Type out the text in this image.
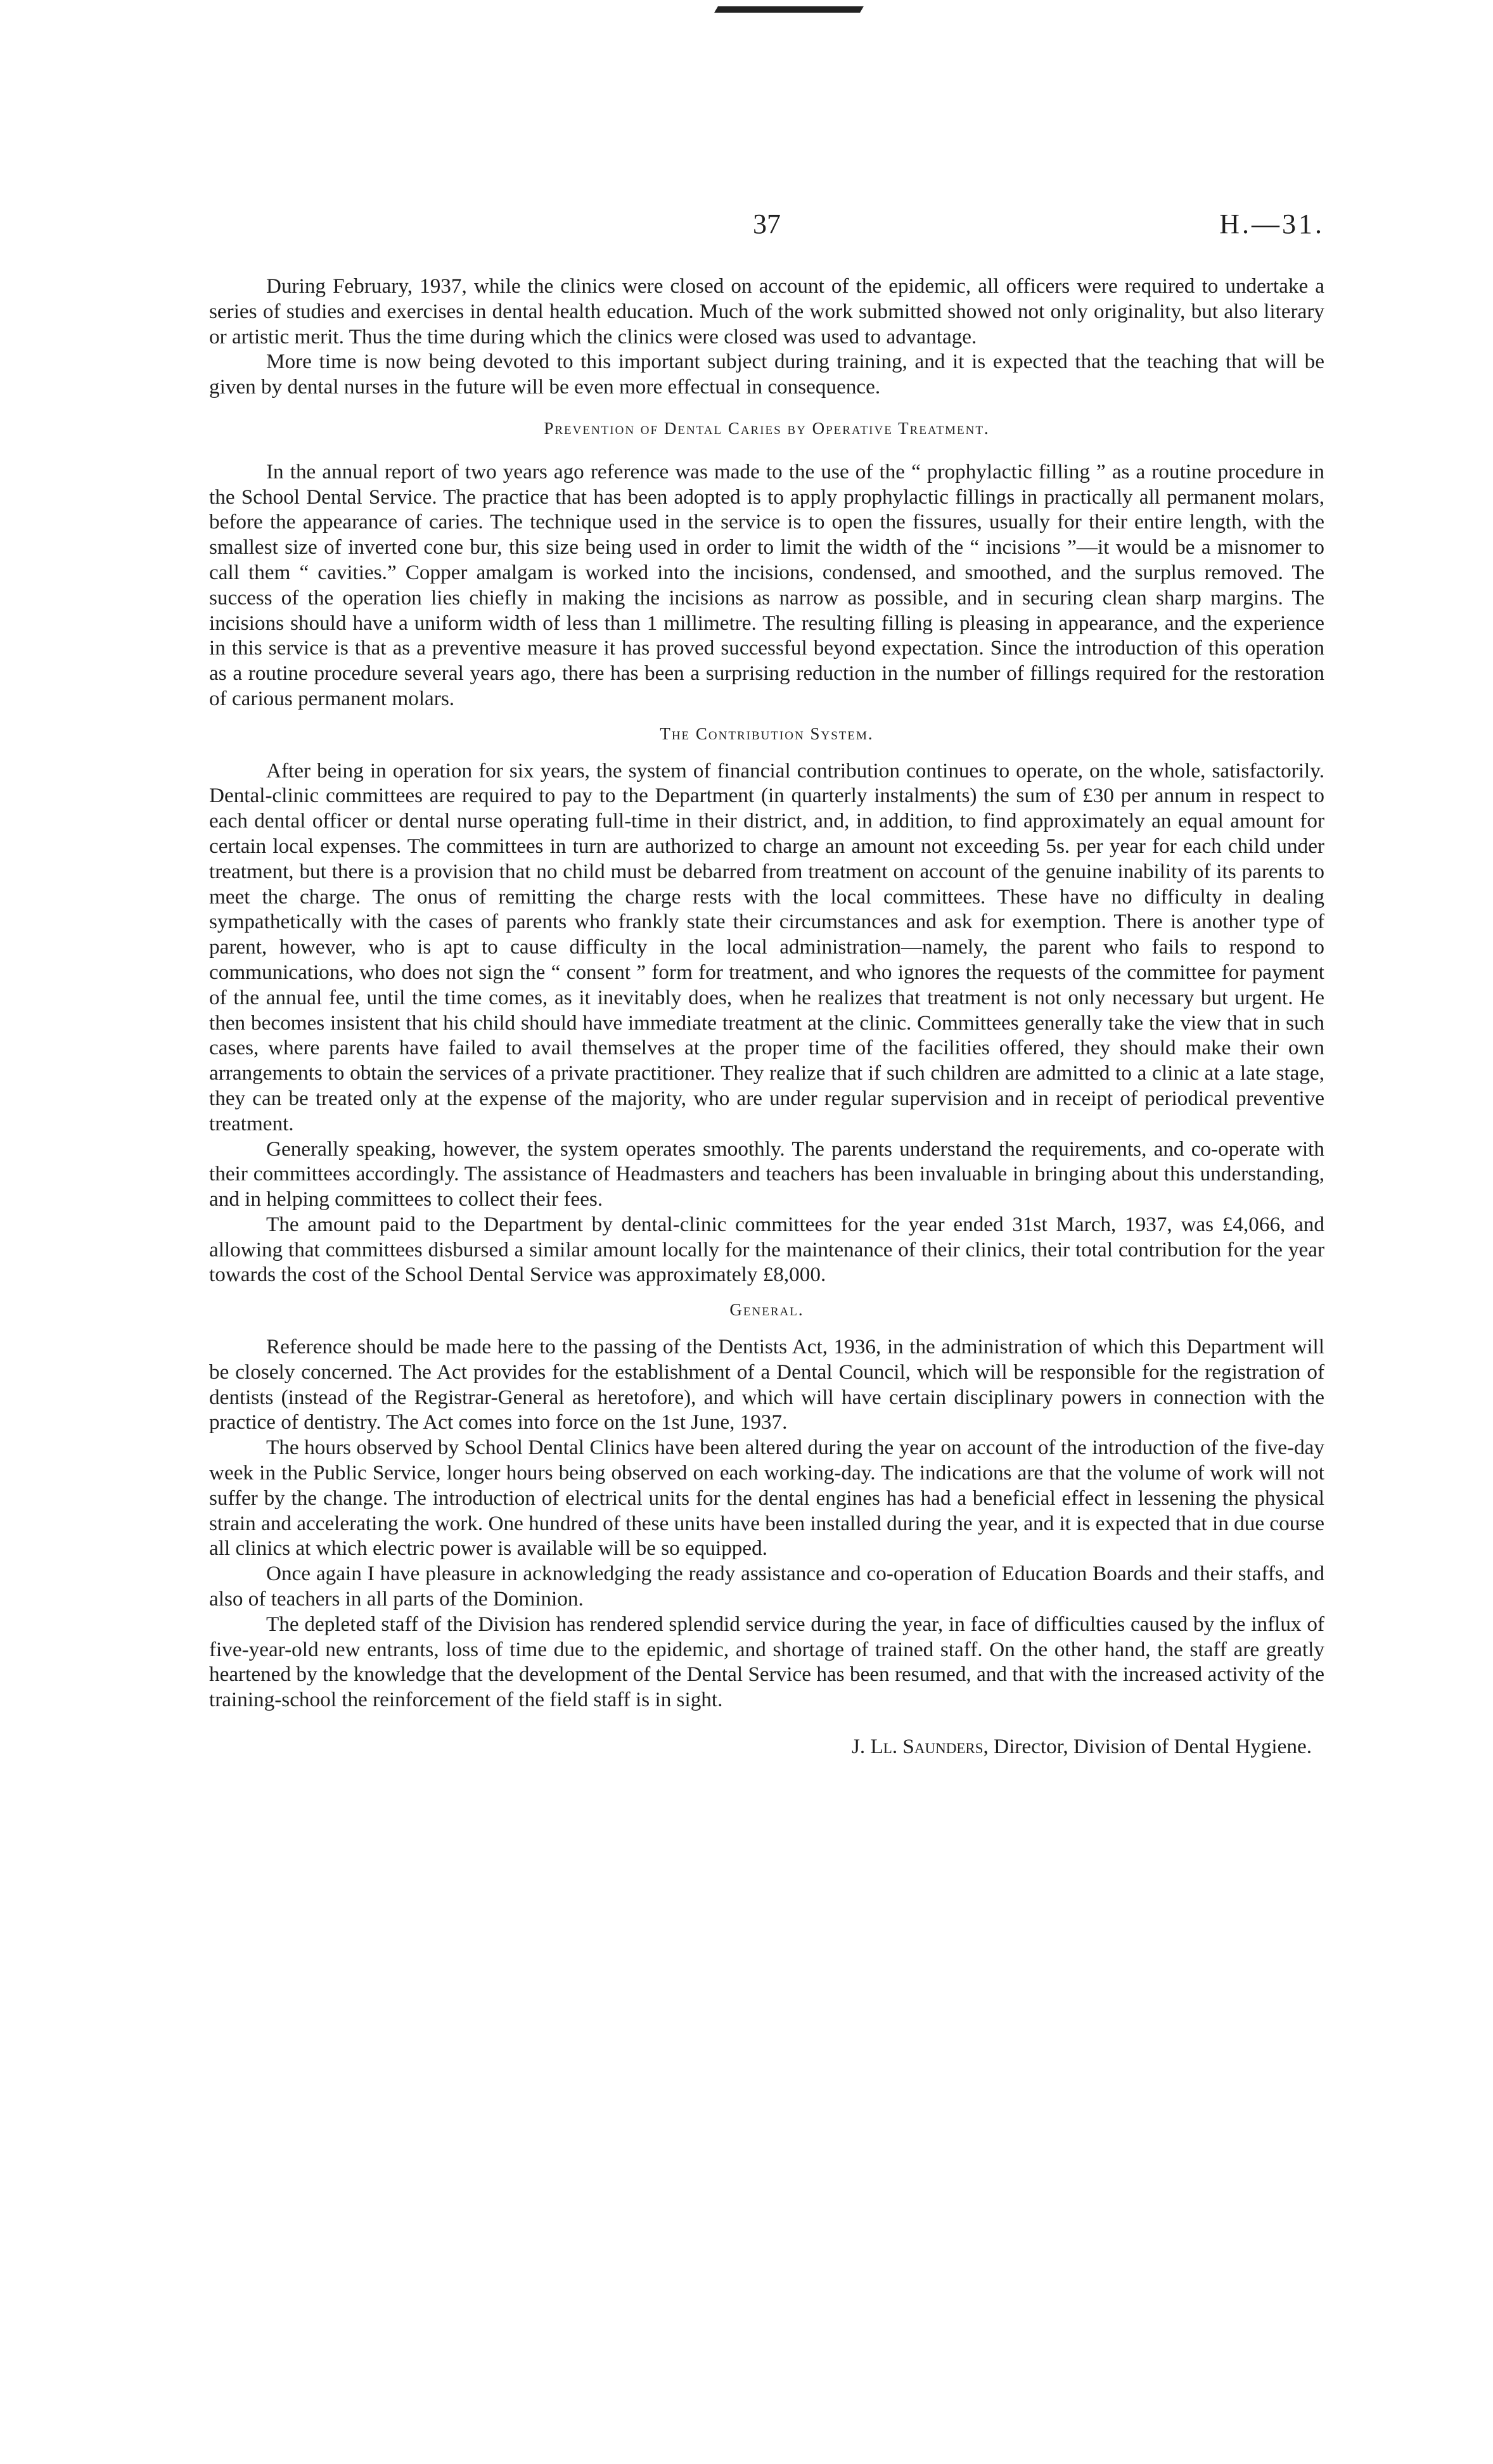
37	H.—31.

During February, 1937, while the clinics were closed on account of the epidemic, all officers were required to undertake a series of studies and exercises in dental health education. Much of the work submitted showed not only originality, but also literary or artistic merit. Thus the time during which the clinics were closed was used to advantage.

More time is now being devoted to this important subject during training, and it is expected that the teaching that will be given by dental nurses in the future will be even more effectual in consequence.

Prevention of Dental Caries by Operative Treatment.

In the annual report of two years ago reference was made to the use of the “ prophylactic filling ” as a routine procedure in the School Dental Service. The practice that has been adopted is to apply prophylactic fillings in practically all permanent molars, before the appearance of caries. The technique used in the service is to open the fissures, usually for their entire length, with the smallest size of inverted cone bur, this size being used in order to limit the width of the “ incisions ”—it would be a misnomer to call them “ cavities.” Copper amalgam is worked into the incisions, condensed, and smoothed, and the surplus removed. The success of the operation lies chiefly in making the incisions as narrow as possible, and in securing clean sharp margins. The incisions should have a uniform width of less than 1 millimetre. The resulting filling is pleasing in appearance, and the experience in this service is that as a preventive measure it has proved successful beyond expectation. Since the introduction of this operation as a routine procedure several years ago, there has been a surprising reduction in the number of fillings required for the restoration of carious permanent molars.

The Contribution System.

After being in operation for six years, the system of financial contribution continues to operate, on the whole, satisfactorily. Dental-clinic committees are required to pay to the Department (in quarterly instalments) the sum of £30 per annum in respect to each dental officer or dental nurse operating full-time in their district, and, in addition, to find approximately an equal amount for certain local expenses. The committees in turn are authorized to charge an amount not exceeding 5s. per year for each child under treatment, but there is a provision that no child must be debarred from treatment on account of the genuine inability of its parents to meet the charge. The onus of remitting the charge rests with the local committees. These have no difficulty in dealing sympathetically with the cases of parents who frankly state their circumstances and ask for exemption. There is another type of parent, however, who is apt to cause difficulty in the local administration—namely, the parent who fails to respond to communications, who does not sign the “ consent ” form for treatment, and who ignores the requests of the committee for payment of the annual fee, until the time comes, as it inevitably does, when he realizes that treatment is not only necessary but urgent. He then becomes insistent that his child should have immediate treatment at the clinic. Committees generally take the view that in such cases, where parents have failed to avail themselves at the proper time of the facilities offered, they should make their own arrangements to obtain the services of a private practitioner. They realize that if such children are admitted to a clinic at a late stage, they can be treated only at the expense of the majority, who are under regular supervision and in receipt of periodical preventive treatment.

Generally speaking, however, the system operates smoothly. The parents understand the requirements, and co-operate with their committees accordingly. The assistance of Headmasters and teachers has been invaluable in bringing about this understanding, and in helping committees to collect their fees.

The amount paid to the Department by dental-clinic committees for the year ended 31st March, 1937, was £4,066, and allowing that committees disbursed a similar amount locally for the maintenance of their clinics, their total contribution for the year towards the cost of the School Dental Service was approximately £8,000.

General.

Reference should be made here to the passing of the Dentists Act, 1936, in the administration of which this Department will be closely concerned. The Act provides for the establishment of a Dental Council, which will be responsible for the registration of dentists (instead of the Registrar-General as heretofore), and which will have certain disciplinary powers in connection with the practice of dentistry. The Act comes into force on the 1st June, 1937.

The hours observed by School Dental Clinics have been altered during the year on account of the introduction of the five-day week in the Public Service, longer hours being observed on each working-day. The indications are that the volume of work will not suffer by the change. The introduction of electrical units for the dental engines has had a beneficial effect in lessening the physical strain and accelerating the work. One hundred of these units have been installed during the year, and it is expected that in due course all clinics at which electric power is available will be so equipped.

Once again I have pleasure in acknowledging the ready assistance and co-operation of Education Boards and their staffs, and also of teachers in all parts of the Dominion.

The depleted staff of the Division has rendered splendid service during the year, in face of difficulties caused by the influx of five-year-old new entrants, loss of time due to the epidemic, and shortage of trained staff. On the other hand, the staff are greatly heartened by the knowledge that the development of the Dental Service has been resumed, and that with the increased activity of the training-school the reinforcement of the field staff is in sight.

J. Ll. Saunders, Director, Division of Dental Hygiene.
